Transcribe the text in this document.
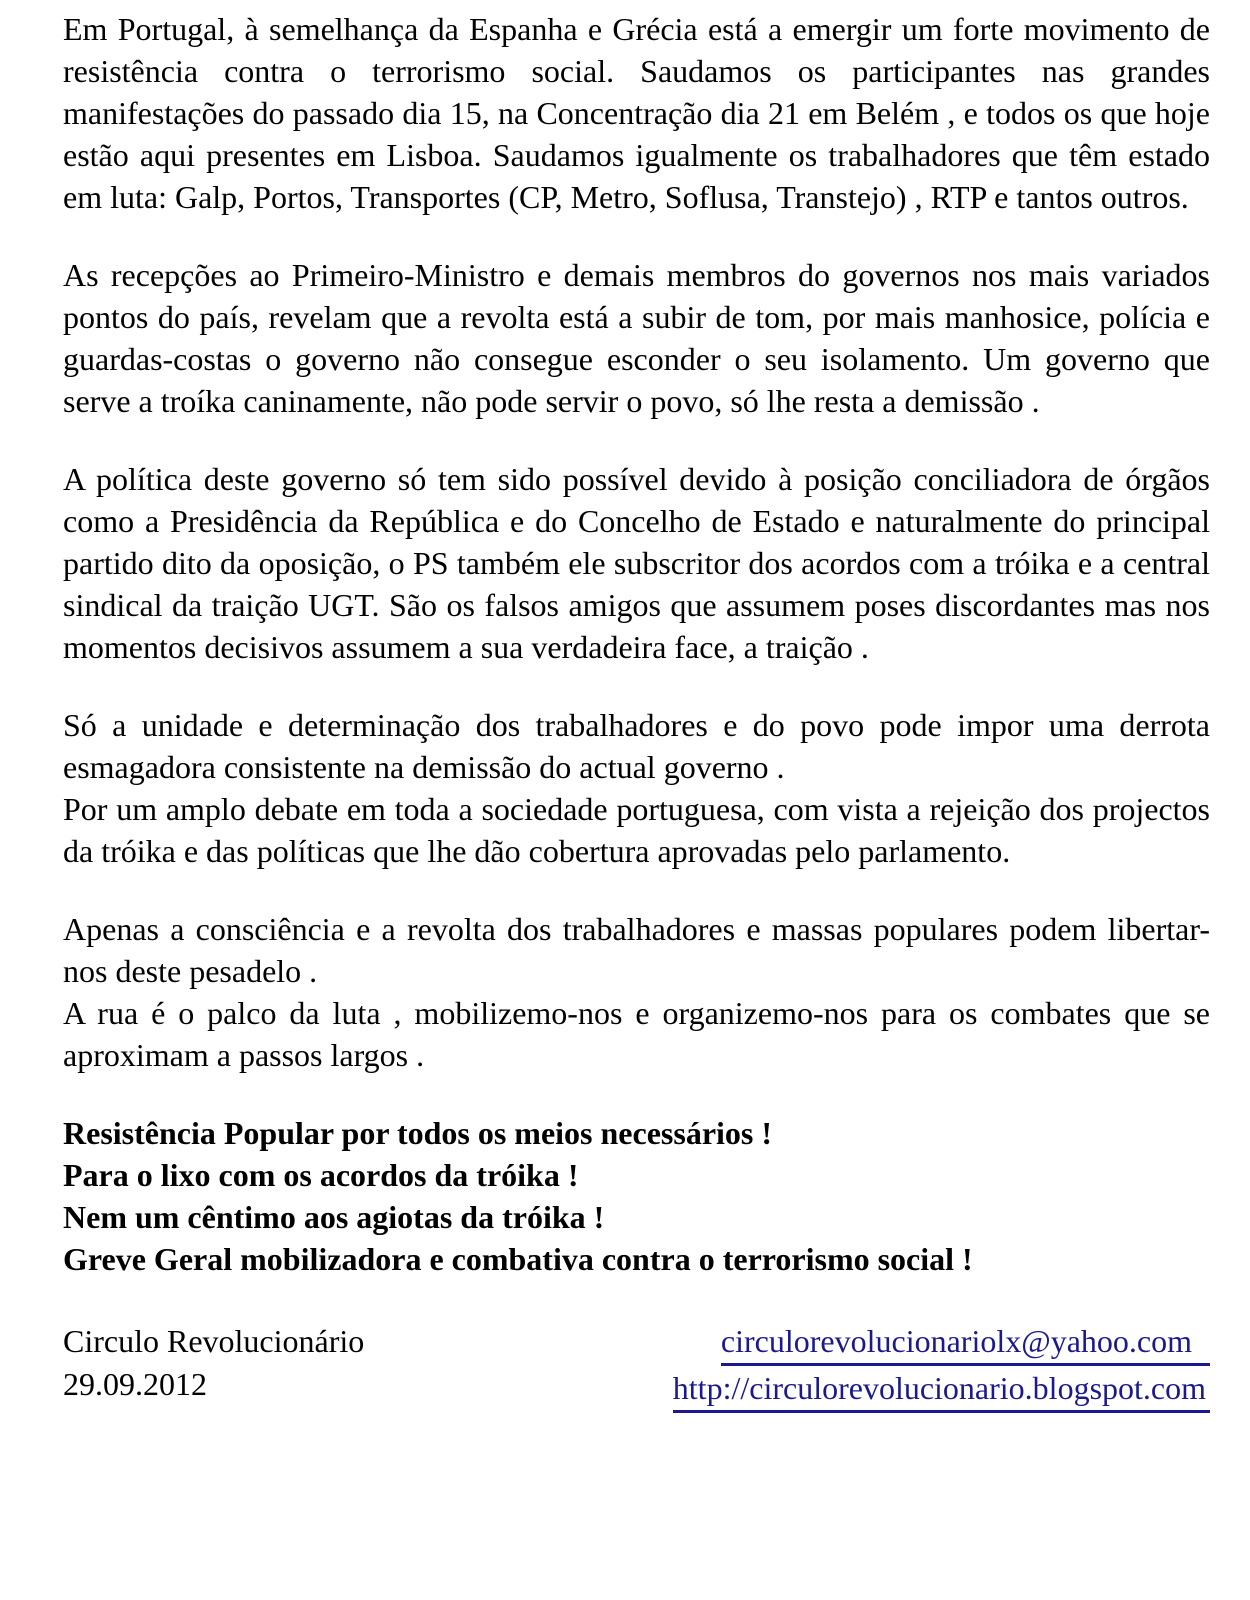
Em Portugal, à semelhança da Espanha e Grécia está a emergir um forte movimento de resistência contra o terrorismo social. Saudamos os participantes nas grandes manifestações do passado dia 15, na Concentração dia 21 em Belém , e todos os que hoje estão aqui presentes em Lisboa. Saudamos igualmente os trabalhadores que têm estado em luta: Galp, Portos, Transportes (CP, Metro, Soflusa, Transtejo) , RTP e tantos outros.

As recepções ao Primeiro-Ministro e demais membros do governos nos mais variados pontos do país, revelam que a revolta está a subir de tom, por mais manhosice, polícia e guardas-costas o governo não consegue esconder o seu isolamento. Um governo que serve a troíka caninamente, não pode servir o povo, só lhe resta a demissão .

A política deste governo só tem sido possível devido à posição conciliadora de órgãos como a Presidência da República e do Concelho de Estado e naturalmente do principal partido dito da oposição, o PS também ele subscritor dos acordos com a tróika e a central sindical da traição UGT. São os falsos amigos que assumem poses discordantes mas nos momentos decisivos assumem a sua verdadeira face, a traição .

Só a unidade e determinação dos trabalhadores e do povo pode impor uma derrota esmagadora consistente na demissão do actual governo .

Por um amplo debate em toda a sociedade portuguesa, com vista a rejeição dos projectos da tróika e das políticas que lhe dão cobertura aprovadas pelo parlamento.

Apenas a consciência e a revolta dos trabalhadores e massas populares podem libertar-nos deste pesadelo .

A rua é o palco da luta , mobilizemo-nos e organizemo-nos para os combates que se aproximam a passos largos .

Resistência Popular por todos os meios necessários !

Para o lixo com os acordos da tróika !

Nem um cêntimo aos agiotas da tróika !

Greve Geral mobilizadora e combativa contra o terrorismo social !

Circulo Revolucionário

29.09.2012

circulorevolucionariolx@yahoo.com
http://circulorevolucionario.blogspot.com
